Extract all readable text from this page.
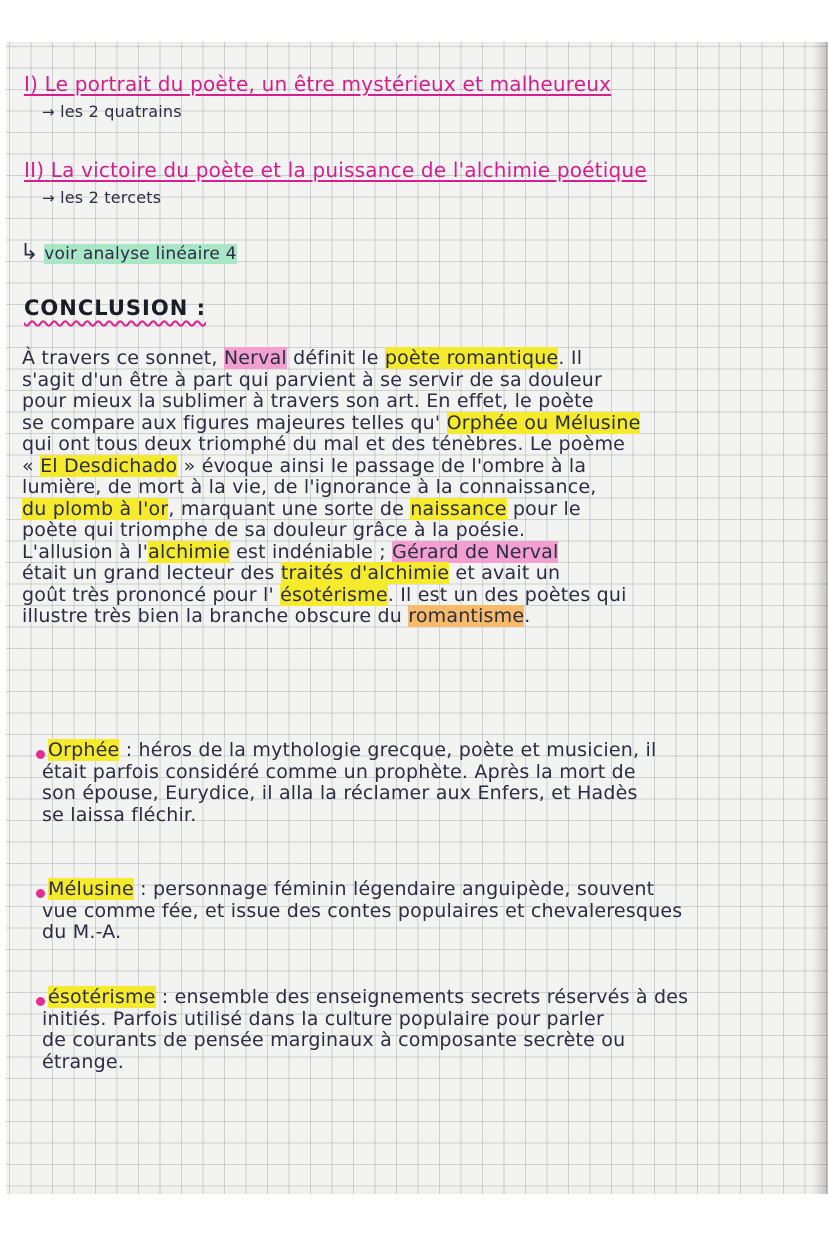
I) Le portrait du poète, un être mystérieux et malheureux
→ les 2 quatrains
II) La victoire du poète et la puissance de l'alchimie poétique
→ les 2 tercets
↳ voir analyse linéaire 4
CONCLUSION :
À travers ce sonnet, Nerval définit le poète romantique. Il
s'agit d'un être à part qui parvient à se servir de sa douleur
pour mieux la sublimer à travers son art. En effet, le poète
se compare aux figures majeures telles qu' Orphée ou Mélusine
qui ont tous deux triomphé du mal et des ténèbres. Le poème
« El Desdichado » évoque ainsi le passage de l'ombre à la
lumière, de mort à la vie, de l'ignorance à la connaissance,
du plomb à l'or, marquant une sorte de naissance pour le
poète qui triomphe de sa douleur grâce à la poésie.
L'allusion à l'alchimie est indéniable ; Gérard de Nerval
était un grand lecteur des traités d'alchimie et avait un
goût très prononcé pour l' ésotérisme. Il est un des poètes qui
illustre très bien la branche obscure du romantisme.
Orphée : héros de la mythologie grecque, poète et musicien, il
était parfois considéré comme un prophète. Après la mort de
son épouse, Eurydice, il alla la réclamer aux Enfers, et Hadès
se laissa fléchir.
Mélusine : personnage féminin légendaire anguipède, souvent
vue comme fée, et issue des contes populaires et chevaleresques
du M.-A.
ésotérisme : ensemble des enseignements secrets réservés à des
initiés. Parfois utilisé dans la culture populaire pour parler
de courants de pensée marginaux à composante secrète ou
étrange.
